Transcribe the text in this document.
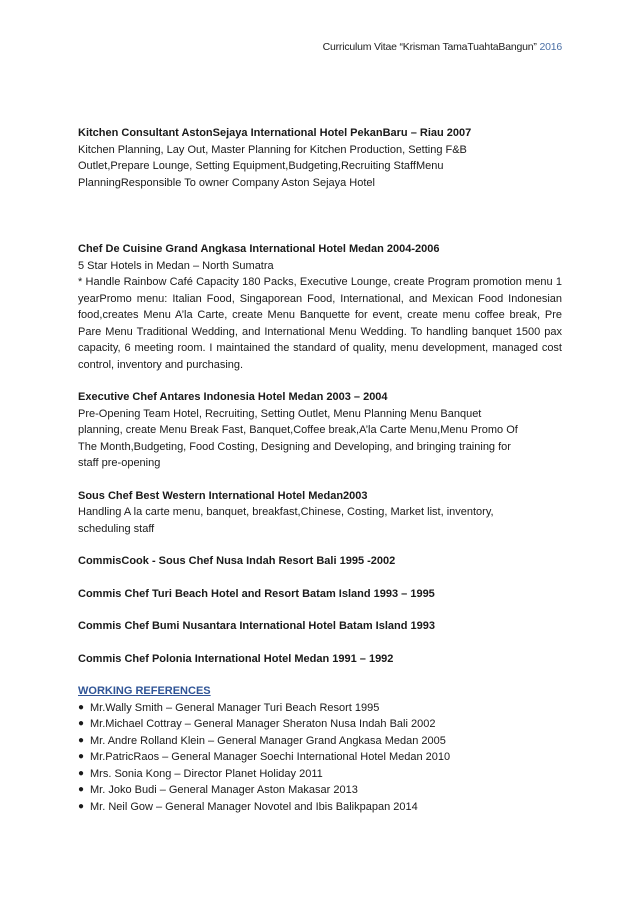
Curriculum Vitae “Krisman TamaTuahtaBangun” 2016

Kitchen Consultant AstonSejaya International Hotel PekanBaru – Riau 2007

Kitchen Planning, Lay Out, Master Planning for Kitchen Production, Setting F&B

Outlet,Prepare Lounge, Setting Equipment,Budgeting,Recruiting StaffMenu

PlanningResponsible To owner Company Aston Sejaya Hotel

Chef De Cuisine Grand Angkasa International Hotel Medan 2004-2006

5 Star Hotels in Medan – North Sumatra

* Handle Rainbow Café Capacity 180 Packs, Executive Lounge, create Program promotion menu 1 yearPromo menu: Italian Food, Singaporean Food, International, and Mexican Food Indonesian food,creates Menu A’la Carte, create Menu Banquette for event, create menu coffee break, Pre Pare Menu Traditional Wedding, and International Menu Wedding. To handling banquet 1500 pax capacity, 6 meeting room. I maintained the standard of quality, menu development, managed cost control, inventory and purchasing.

Executive Chef Antares Indonesia Hotel Medan 2003 – 2004

Pre-Opening Team Hotel, Recruiting, Setting Outlet, Menu Planning Menu Banquet

planning, create Menu Break Fast, Banquet,Coffee break,A’la Carte Menu,Menu Promo Of

The Month,Budgeting, Food Costing, Designing and Developing, and bringing training for

staff pre-opening

Sous Chef Best Western International Hotel Medan2003

Handling A la carte menu, banquet, breakfast,Chinese, Costing, Market list, inventory,

scheduling staff

CommisCook - Sous Chef Nusa Indah Resort Bali 1995 -2002

Commis Chef Turi Beach Hotel and Resort Batam Island 1993 – 1995

Commis Chef Bumi Nusantara International Hotel Batam Island 1993

Commis Chef Polonia International Hotel Medan 1991 – 1992

WORKING REFERENCES

● Mr.Wally Smith – General Manager Turi Beach Resort 1995
● Mr.Michael Cottray – General Manager Sheraton Nusa Indah Bali 2002
● Mr. Andre Rolland Klein – General Manager Grand Angkasa Medan 2005
● Mr.PatricRaos – General Manager Soechi International Hotel Medan 2010
● Mrs. Sonia Kong – Director Planet Holiday 2011
● Mr. Joko Budi – General Manager Aston Makasar 2013
● Mr. Neil Gow – General Manager Novotel and Ibis Balikpapan 2014
